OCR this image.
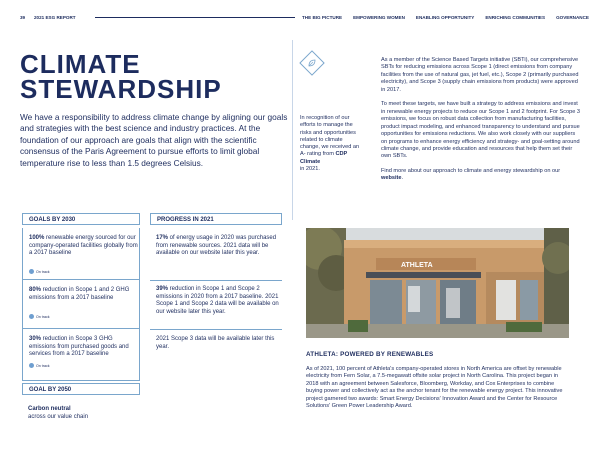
39 2021 ESG REPORT	THE BIG PICTURE EMPOWERING WOMEN ENABLING OPPORTUNITY ENRICHING COMMUNITIES GOVERNANCE
CLIMATE
STEWARDSHIP
We have a responsibility to address climate change by aligning our goals and strategies with the best science and industry practices. At the foundation of our approach are goals that align with the scientific consensus of the Paris Agreement to pursue efforts to limit global temperature rise to less than 1.5 degrees Celsius.
In recognition of our efforts to manage the risks and opportunities related to climate change, we received an A- rating from CDP Climate
in 2021.

As a member of the Science Based Targets initiative (SBTi), our comprehensive SBTs for reducing emissions across Scope 1 (direct emissions from company facilities from the use of natural gas, jet fuel, etc.), Scope 2 (primarily purchased electricity), and Scope 3 (supply chain emissions from products) were approved in 2017.

To meet these targets, we have built a strategy to address emissions and invest in renewable energy projects to reduce our Scope 1 and 2 footprint. For Scope 3 emissions, we focus on robust data collection from manufacturing facilities, product impact modeling, and enhanced transparency to understand and pursue opportunities for emissions reductions. We also work closely with our suppliers on programs to enhance energy efficiency and strategy- and goal-setting around climate change, and provide education and resources that help them set their own SBTs.

Find more about our approach to climate and energy stewardship on our website.

GOALS BY 2030	PROGRESS IN 2021
100% renewable energy sourced for our company-operated facilities globally from a 2017 baseline
On track
80% reduction in Scope 1 and 2 GHG emissions from a 2017 baseline
On track
30% reduction in Scope 3 GHG emissions from purchased goods and services from a 2017 baseline
On track
17% of energy usage in 2020 was purchased from renewable sources. 2021 data will be available on our website later this year.
39% reduction in Scope 1 and Scope 2 emissions in 2020 from a 2017 baseline. 2021 Scope 1 and Scope 2 data will be available on our website later this year.
2021 Scope 3 data will be available later this year.
GOAL BY 2050
Carbon neutral
across our value chain
ATHLETA
ATHLETA: POWERED BY RENEWABLES
As of 2021, 100 percent of Athleta's company-operated stores in North America are offset by renewable electricity from Fern Solar, a 7.5-megawatt offsite solar project in North Carolina. This project began in 2018 with an agreement between Salesforce, Bloomberg, Workday, and Cox Enterprises to combine buying power and collectively act as the anchor tenant for the renewable energy project. This innovative project garnered two awards: Smart Energy Decisions' Innovation Award and the Center for Resource Solutions' Green Power Leadership Award.
